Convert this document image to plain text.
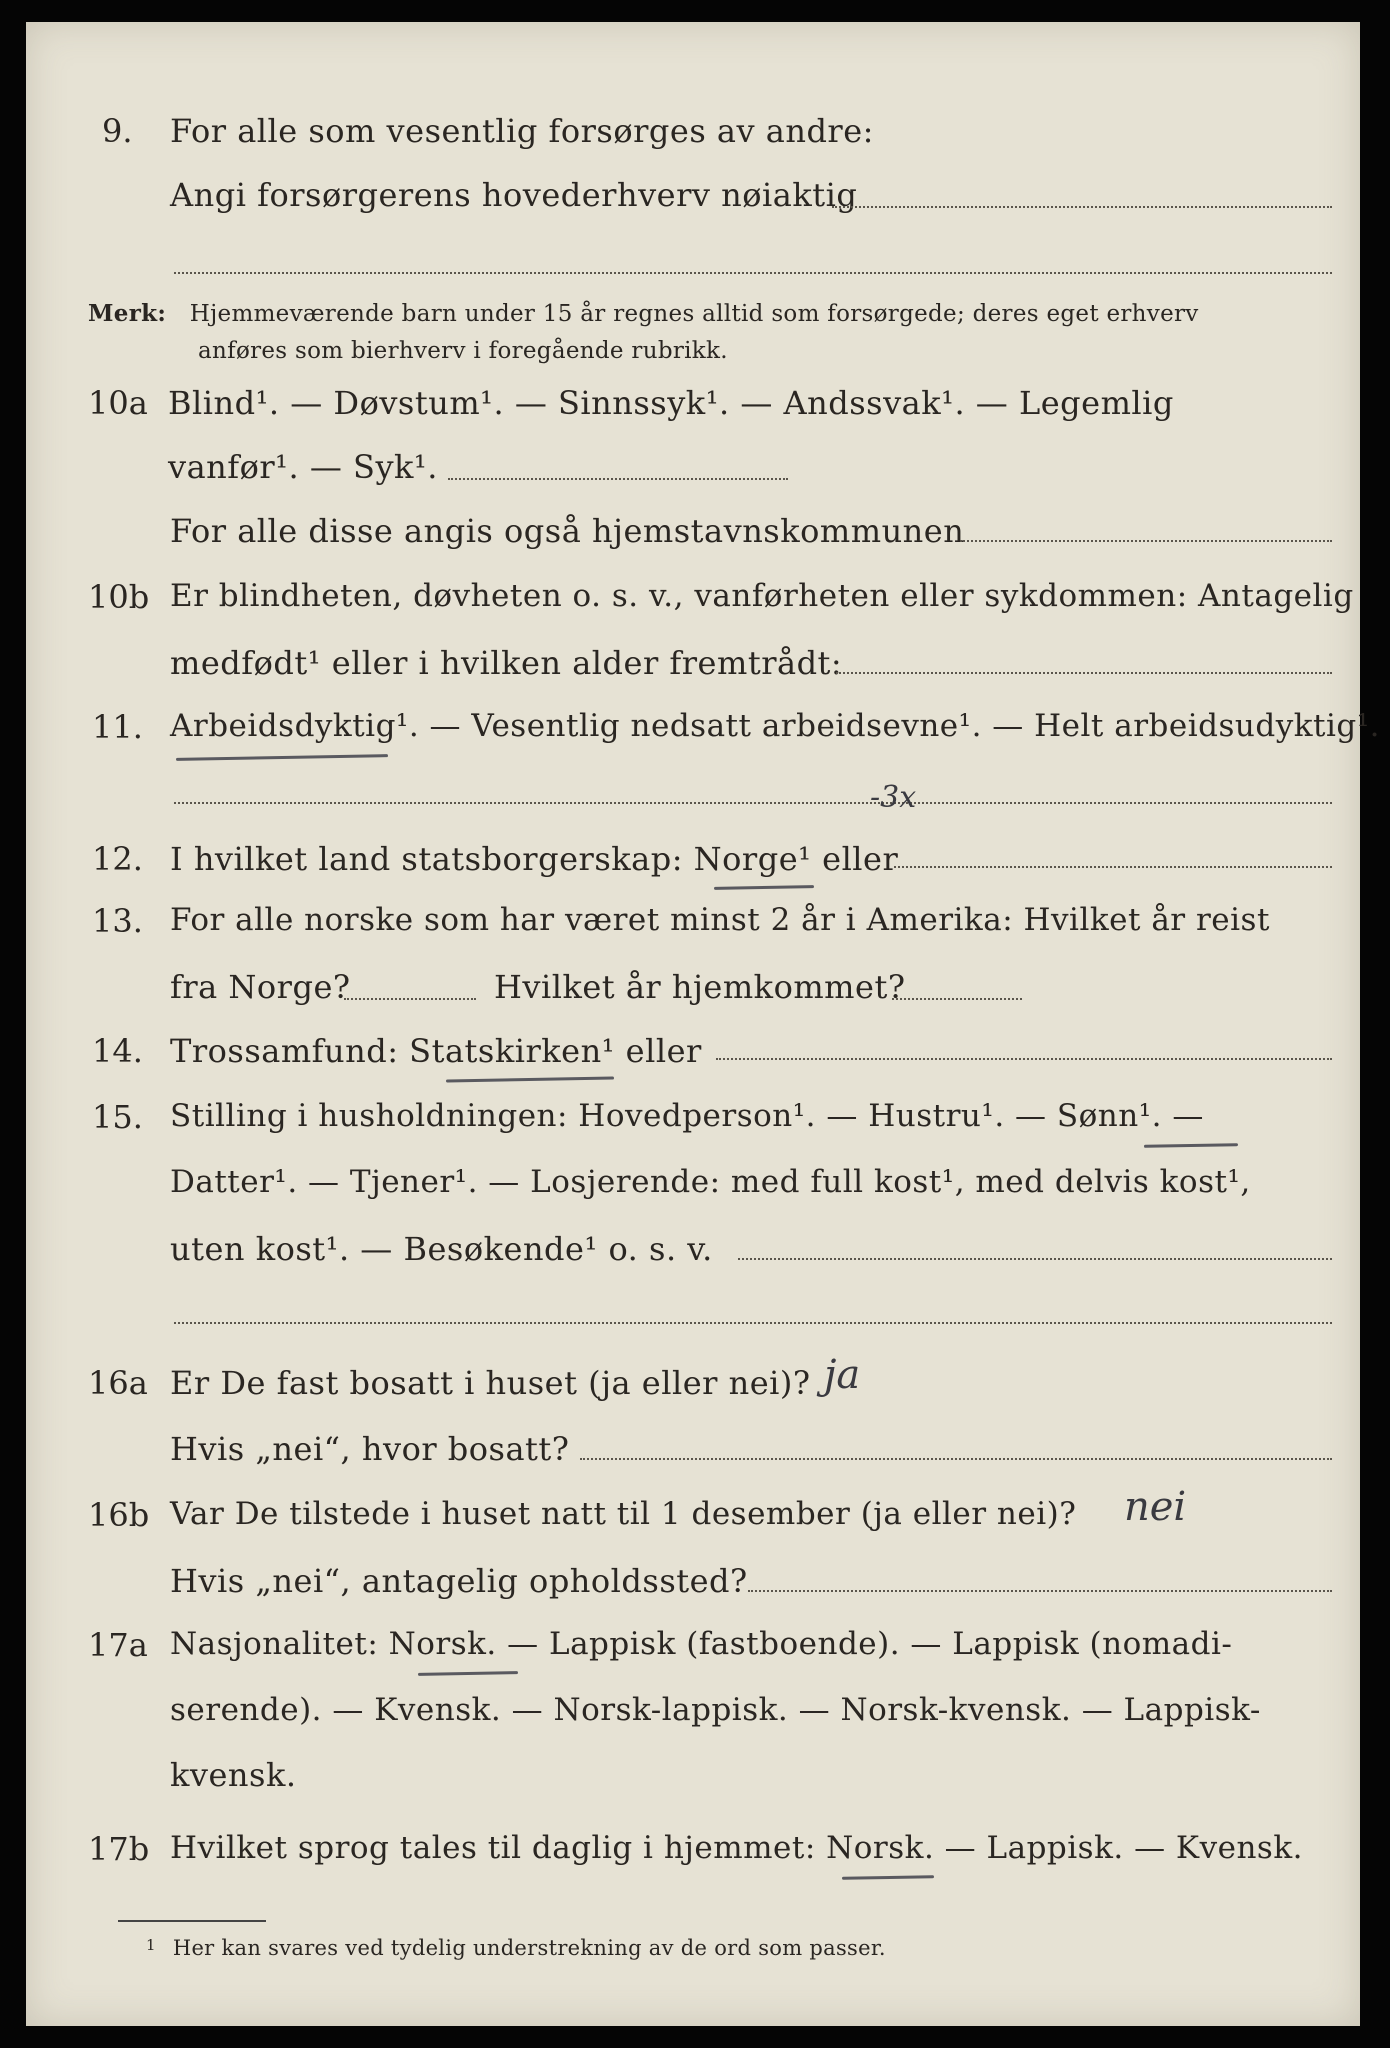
9. For alle som vesentlig forsørges av andre:
Angi forsørgerens hovederhverv nøiaktig
Merk: Hjemmeværende barn under 15 år regnes alltid som forsørgede; deres eget erhverv
anføres som bierhverv i foregående rubrikk.
10a Blind¹. — Døvstum¹. — Sinnssyk¹. — Andssvak¹. — Legemlig
vanfør¹. — Syk¹.
For alle disse angis også hjemstavnskommunen
10b Er blindheten, døvheten o. s. v., vanførheten eller sykdommen: Antagelig
medfødt¹ eller i hvilken alder fremtrådt:
11. Arbeidsdyktig¹. — Vesentlig nedsatt arbeidsevne¹. — Helt arbeidsudyktig¹.
-3x
12. I hvilket land statsborgerskap: Norge¹ eller
13. For alle norske som har været minst 2 år i Amerika: Hvilket år reist
fra Norge?	Hvilket år hjemkommet?
14. Trossamfund: Statskirken¹ eller
15. Stilling i husholdningen: Hovedperson¹. — Hustru¹. — Sønn¹. —
Datter¹. — Tjener¹. — Losjerende: med full kost¹, med delvis kost¹,
uten kost¹. — Besøkende¹ o. s. v.
16a Er De fast bosatt i huset (ja eller nei)? ja
Hvis „nei“, hvor bosatt?
16b Var De tilstede i huset natt til 1 desember (ja eller nei)? nei
Hvis „nei“, antagelig opholdssted?
17a Nasjonalitet: Norsk. — Lappisk (fastboende). — Lappisk (nomadi-
serende). — Kvensk. — Norsk-lappisk. — Norsk-kvensk. — Lappisk-
kvensk.
17b Hvilket sprog tales til daglig i hjemmet: Norsk. — Lappisk. — Kvensk.
$^1$ Her kan svares ved tydelig understrekning av de ord som passer.
